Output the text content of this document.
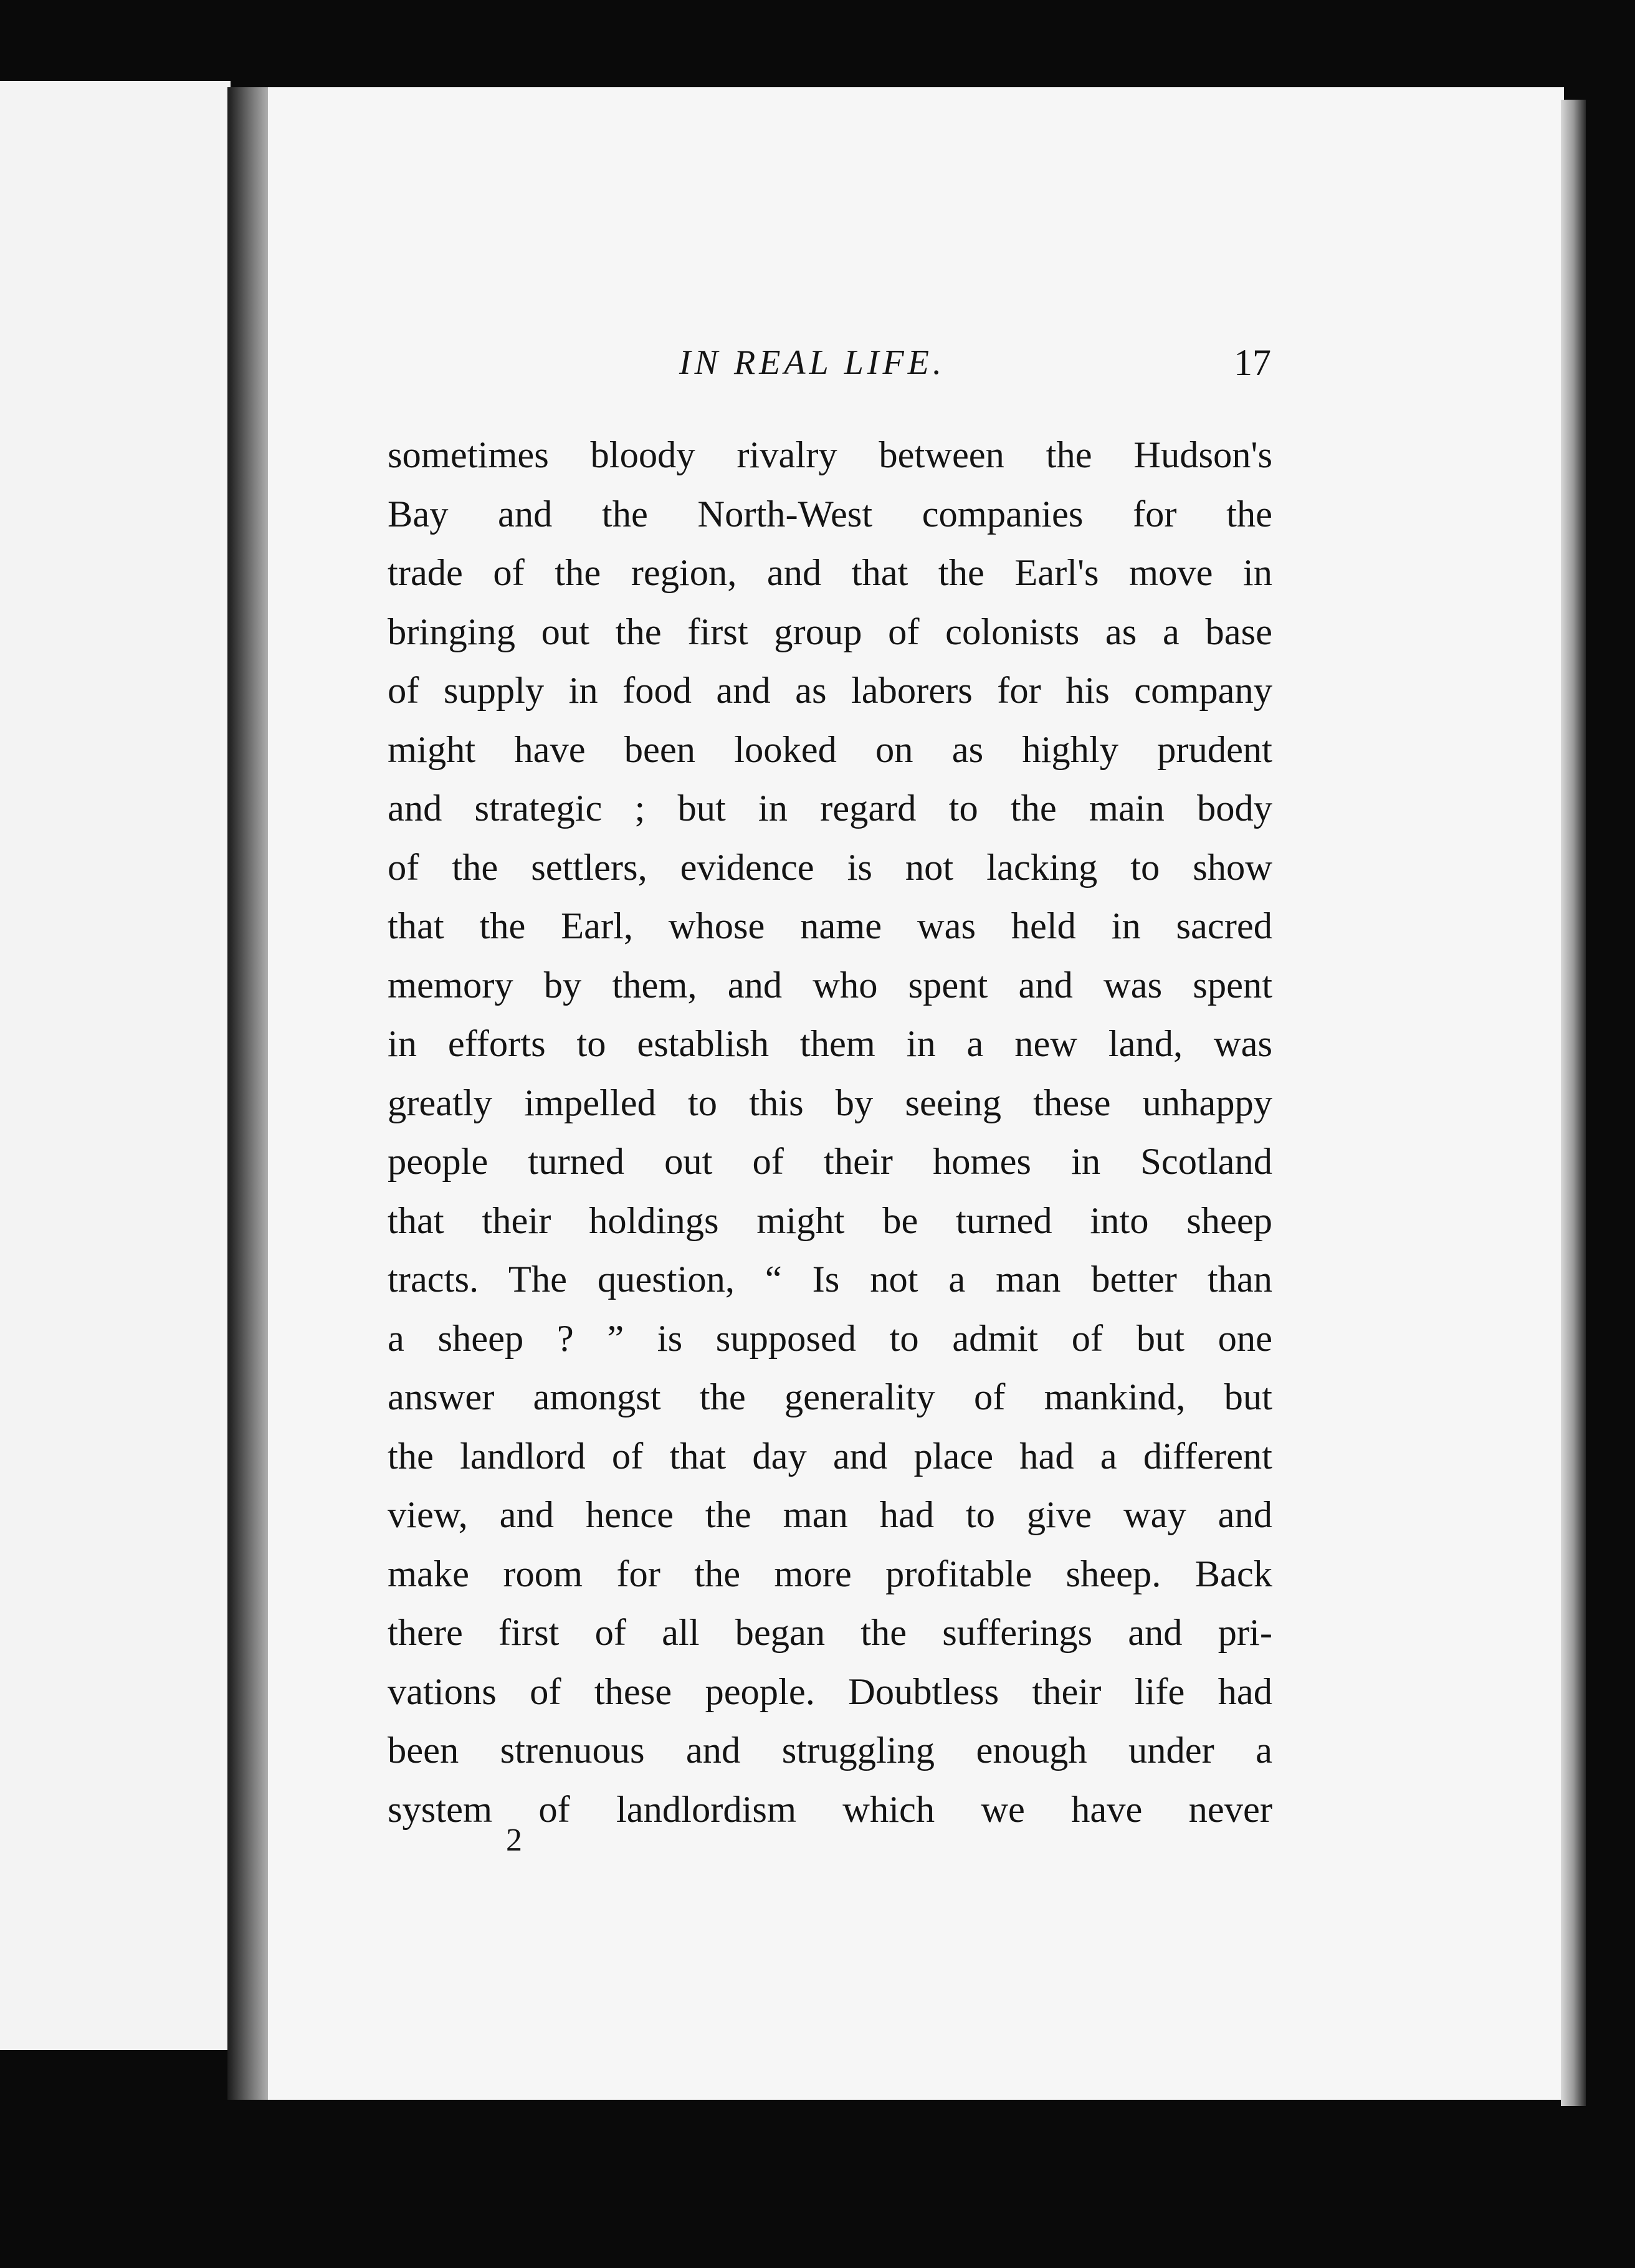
IN REAL LIFE.	17
sometimes bloody rivalry between the Hudson's
Bay and the North-West companies for the
trade of the region, and that the Earl's move in
bringing out the first group of colonists as a base
of supply in food and as laborers for his company
might have been looked on as highly prudent
and strategic ; but in regard to the main body
of the settlers, evidence is not lacking to show
that the Earl, whose name was held in sacred
memory by them, and who spent and was spent
in efforts to establish them in a new land, was
greatly impelled to this by seeing these unhappy
people turned out of their homes in Scotland
that their holdings might be turned into sheep
tracts. The question, “ Is not a man better than
a sheep ? ” is supposed to admit of but one
answer amongst the generality of mankind, but
the landlord of that day and place had a different
view, and hence the man had to give way and
make room for the more profitable sheep. Back
there first of all began the sufferings and pri-
vations of these people. Doubtless their life had
been strenuous and struggling enough under a
system of landlordism which we have never
2
